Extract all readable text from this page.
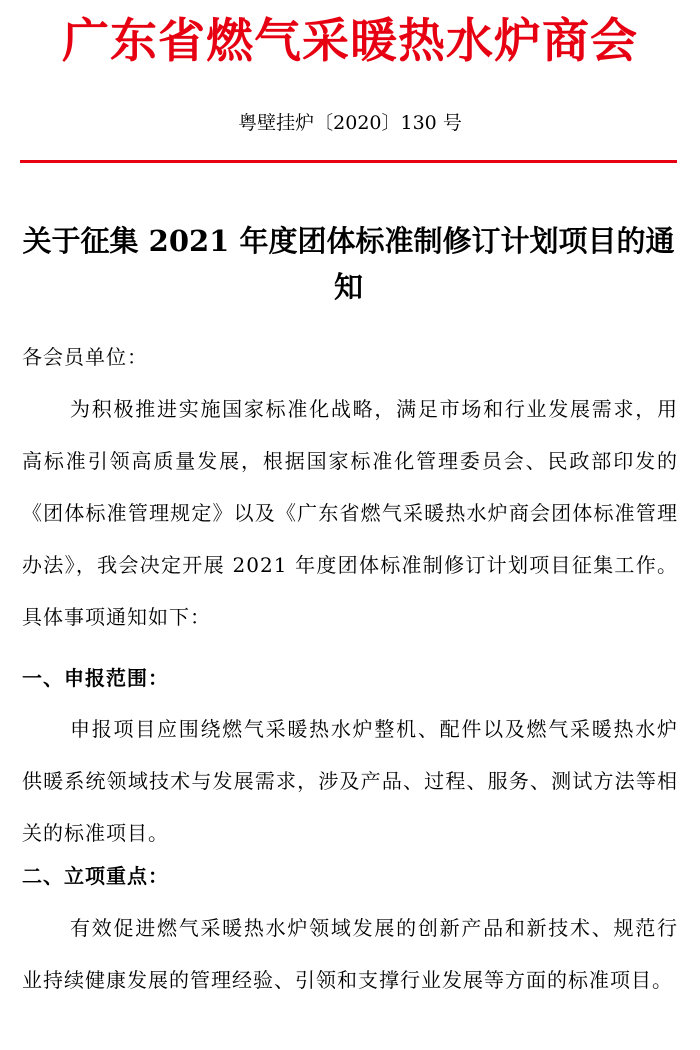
广东省燃气采暖热水炉商会
粤壁挂炉〔2020〕130 号
关于征集 2021 年度团体标准制修订计划项目的通知
各会员单位：
为积极推进实施国家标准化战略，满足市场和行业发展需求，用高标准引领高质量发展，根据国家标准化管理委员会、民政部印发的《团体标准管理规定》以及《广东省燃气采暖热水炉商会团体标准管理办法》，我会决定开展 2021 年度团体标准制修订计划项目征集工作。具体事项通知如下：
一、申报范围：
申报项目应围绕燃气采暖热水炉整机、配件以及燃气采暖热水炉供暖系统领域技术与发展需求，涉及产品、过程、服务、测试方法等相关的标准项目。
二、立项重点：
有效促进燃气采暖热水炉领域发展的创新产品和新技术、规范行业持续健康发展的管理经验、引领和支撑行业发展等方面的标准项目。
